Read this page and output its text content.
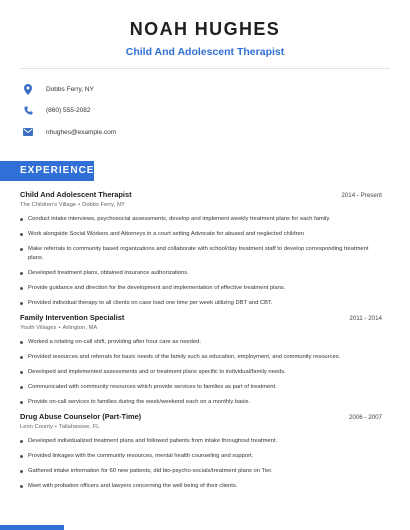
NOAH HUGHES
Child And Adolescent Therapist
Dobbs Ferry, NY
(860) 555-2082
nhughes@example.com
EXPERIENCE
Child And Adolescent Therapist	2014 - Present
The Children's Village • Dobbs Ferry, NY
Conduct intake interviews, psychosocial assessments, develop and implement weekly treatment plans for each family.
Work alongside Social Workers and Attorneys in a court setting Advocate for abused and neglected children
Make referrals to community based organizations and collaborate with school/day treatment staff to develop corresponding treatment plans.
Developed treatment plans, obtained insurance authorizations.
Provide guidance and direction for the development and implementation of effective treatment plans.
Provided individual therapy to all clients on case load one time per week utilizing DBT and CBT.
Family Intervention Specialist	2011 - 2014
Youth Villages • Arlington, MA
Worked a rotating on-call shift, providing after hour care as needed.
Provided resources and referrals for basic needs of the family such as education, employment, and community resources.
Developed and implemented assessments and or treatment plans specific to individual/family needs.
Communicated with community resources which provide services to families as part of treatment.
Provide on-call services to families during the week/weekend each on a monthly basis.
Drug Abuse Counselor (Part-Time)	2006 - 2007
Leon County • Tallahassee, FL
Developed individualized treatment plans and followed patients from intake throughout treatment.
Provided linkages with the community resources, mental health counseling and support.
Gathered intake information for 60 new patients, did bio-psycho-socials/treatment plans on Tier.
Meet with probation officers and lawyers concerning the well being of their clients.
